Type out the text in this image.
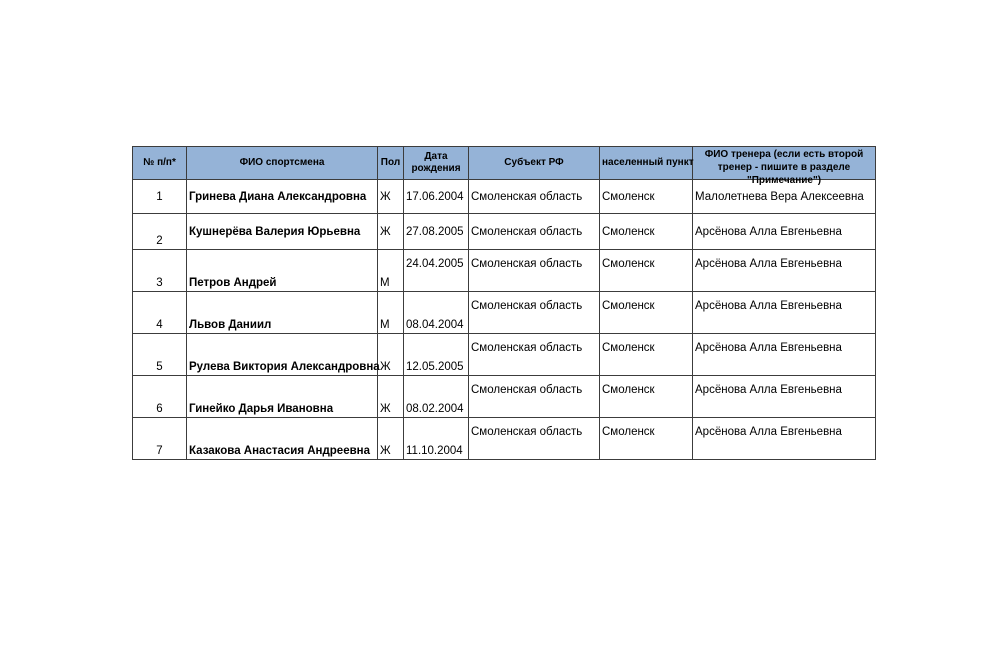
№ п/п*	ФИО спортсмена	Пол	Дата рождения	Субъект РФ	населенный пункт	ФИО тренера (если есть второй тренер - пишите в разделе "Примечание")

1	Гринева Диана Александровна	Ж	17.06.2004	Смоленская область	Смоленск	Малолетнева Вера Алексеевна
2	Кушнерёва Валерия Юрьевна	Ж	27.08.2005	Смоленская область	Смоленск	Арсёнова Алла Евгеньевна
3	Петров Андрей	М	24.04.2005	Смоленская область	Смоленск	Арсёнова Алла Евгеньевна
4	Львов Даниил	М	08.04.2004	Смоленская область	Смоленск	Арсёнова Алла Евгеньевна
5	Рулева Виктория Александровна	Ж	12.05.2005	Смоленская область	Смоленск	Арсёнова Алла Евгеньевна
6	Гинейко Дарья Ивановна	Ж	08.02.2004	Смоленская область	Смоленск	Арсёнова Алла Евгеньевна
7	Казакова Анастасия Андреевна	Ж	11.10.2004	Смоленская область	Смоленск	Арсёнова Алла Евгеньевна
